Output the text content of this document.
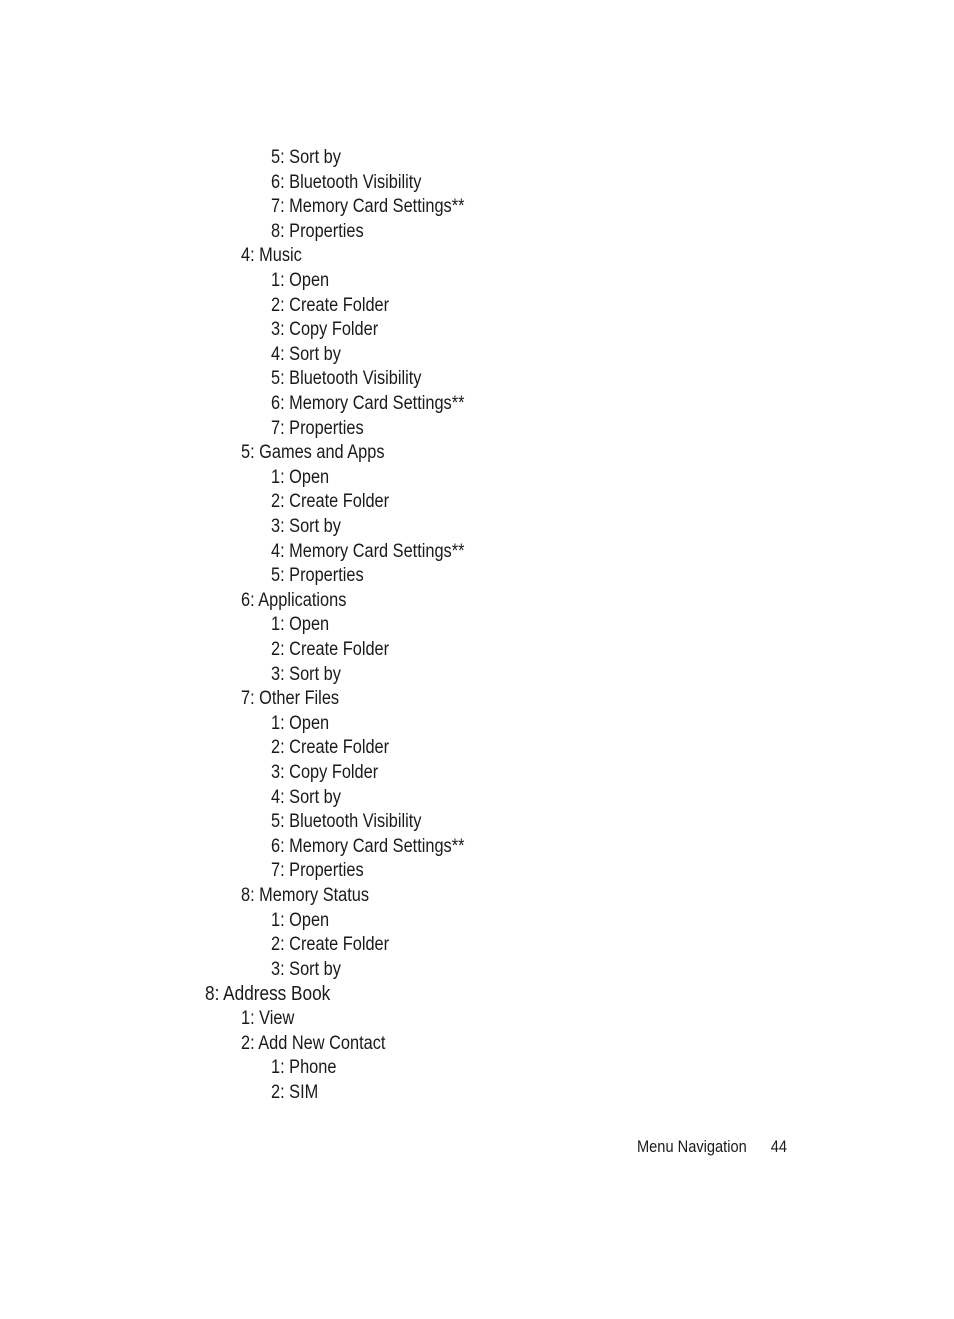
5: Sort by
6: Bluetooth Visibility
7: Memory Card Settings**
8: Properties
4: Music
1: Open
2: Create Folder
3: Copy Folder
4: Sort by
5: Bluetooth Visibility
6: Memory Card Settings**
7: Properties
5: Games and Apps
1: Open
2: Create Folder
3: Sort by
4: Memory Card Settings**
5: Properties
6: Applications
1: Open
2: Create Folder
3: Sort by
7: Other Files
1: Open
2: Create Folder
3: Copy Folder
4: Sort by
5: Bluetooth Visibility
6: Memory Card Settings**
7: Properties
8: Memory Status
1: Open
2: Create Folder
3: Sort by
8: Address Book
1: View
2: Add New Contact
1: Phone
2: SIM
Menu Navigation 44
